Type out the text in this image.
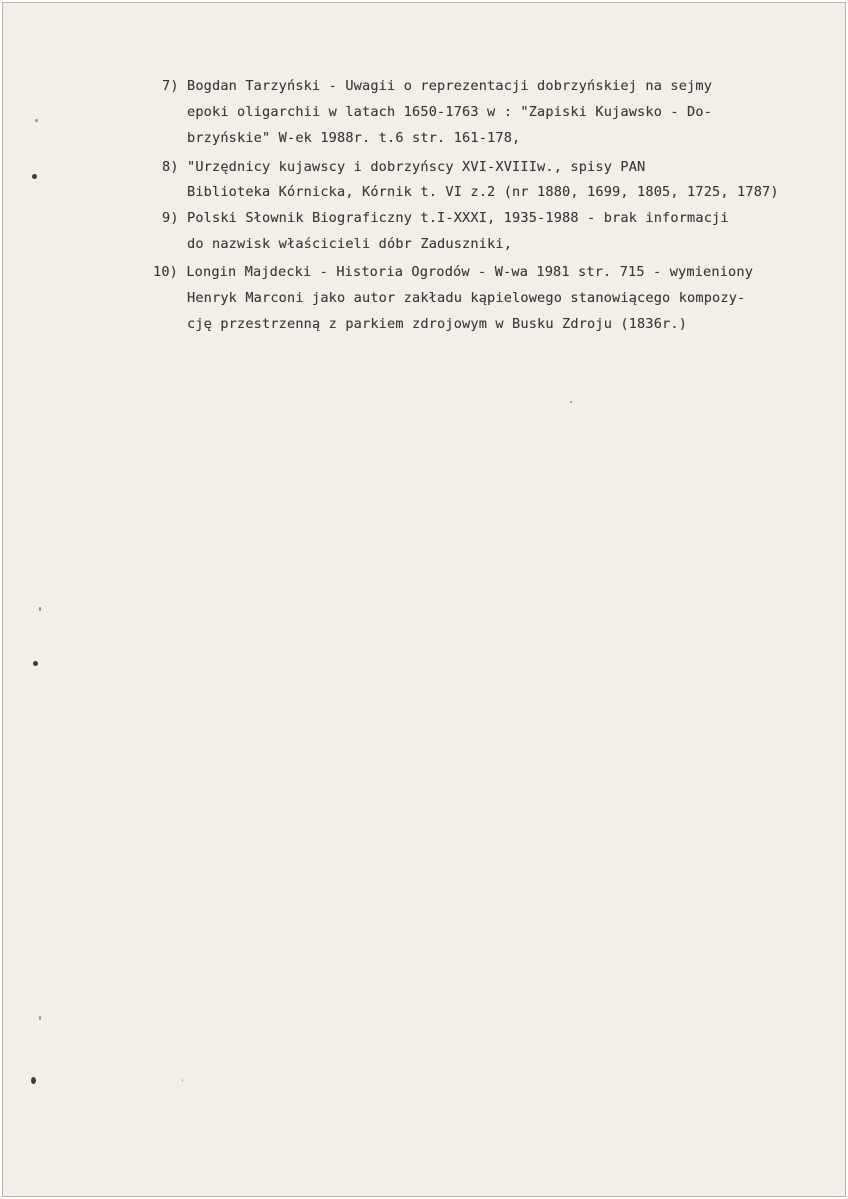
7) Bogdan Tarzyński - Uwagii o reprezentacji dobrzyńskiej na sejmy
epoki oligarchii w latach 1650-1763 w : "Zapiski Kujawsko - Do-
brzyńskie" W-ek 1988r. t.6 str. 161-178,
8) "Urzędnicy kujawscy i dobrzyńscy XVI-XVIIIw., spisy PAN
Biblioteka Kórnicka, Kórnik t. VI z.2 (nr 1880, 1699, 1805, 1725, 1787)
9) Polski Słownik Biograficzny t.I-XXXI, 1935-1988 - brak informacji
do nazwisk właścicieli dóbr Zaduszniki,
10) Longin Majdecki - Historia Ogrodów - W-wa 1981 str. 715 - wymieniony
Henryk Marconi jako autor zakładu kąpielowego stanowiącego kompozy-
cję przestrzenną z parkiem zdrojowym w Busku Zdroju (1836r.)
